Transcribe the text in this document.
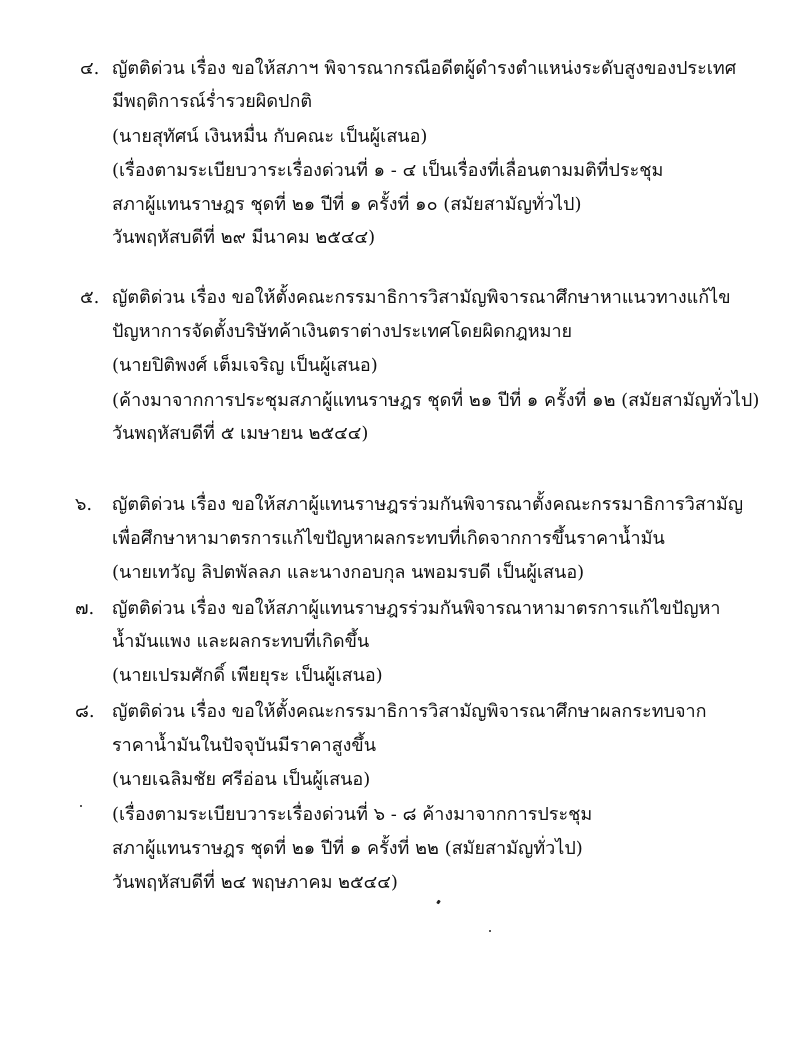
๔. ญัตติด่วน เรื่อง ขอให้สภาฯ พิจารณากรณีอดีตผู้ดำรงตำแหน่งระดับสูงของประเทศ
มีพฤติการณ์ร่ำรวยผิดปกติ
(นายสุทัศน์ เงินหมื่น กับคณะ เป็นผู้เสนอ)
(เรื่องตามระเบียบวาระเรื่องด่วนที่ ๑ - ๔ เป็นเรื่องที่เลื่อนตามมติที่ประชุม
สภาผู้แทนราษฎร ชุดที่ ๒๑ ปีที่ ๑ ครั้งที่ ๑๐ (สมัยสามัญทั่วไป)
วันพฤหัสบดีที่ ๒๙ มีนาคม ๒๕๔๔)
๕. ญัตติด่วน เรื่อง ขอให้ตั้งคณะกรรมาธิการวิสามัญพิจารณาศึกษาหาแนวทางแก้ไข
ปัญหาการจัดตั้งบริษัทค้าเงินตราต่างประเทศโดยผิดกฎหมาย
(นายปิติพงศ์ เต็มเจริญ เป็นผู้เสนอ)
(ค้างมาจากการประชุมสภาผู้แทนราษฎร ชุดที่ ๒๑ ปีที่ ๑ ครั้งที่ ๑๒ (สมัยสามัญทั่วไป)
วันพฤหัสบดีที่ ๕ เมษายน ๒๕๔๔)
๖. ญัตติด่วน เรื่อง ขอให้สภาผู้แทนราษฎรร่วมกันพิจารณาตั้งคณะกรรมาธิการวิสามัญ
เพื่อศึกษาหามาตรการแก้ไขปัญหาผลกระทบที่เกิดจากการขึ้นราคาน้ำมัน
(นายเทวัญ ลิปตพัลลภ และนางกอบกุล นพอมรบดี เป็นผู้เสนอ)
๗. ญัตติด่วน เรื่อง ขอให้สภาผู้แทนราษฎรร่วมกันพิจารณาหามาตรการแก้ไขปัญหา
น้ำมันแพง และผลกระทบที่เกิดขึ้น
(นายเปรมศักดิ์ เพียยุระ เป็นผู้เสนอ)
๘. ญัตติด่วน เรื่อง ขอให้ตั้งคณะกรรมาธิการวิสามัญพิจารณาศึกษาผลกระทบจาก
ราคาน้ำมันในปัจจุบันมีราคาสูงขึ้น
(นายเฉลิมชัย ศรีอ่อน เป็นผู้เสนอ)
(เรื่องตามระเบียบวาระเรื่องด่วนที่ ๖ - ๘ ค้างมาจากการประชุม
สภาผู้แทนราษฎร ชุดที่ ๒๑ ปีที่ ๑ ครั้งที่ ๒๒ (สมัยสามัญทั่วไป)
วันพฤหัสบดีที่ ๒๔ พฤษภาคม ๒๕๔๔)
